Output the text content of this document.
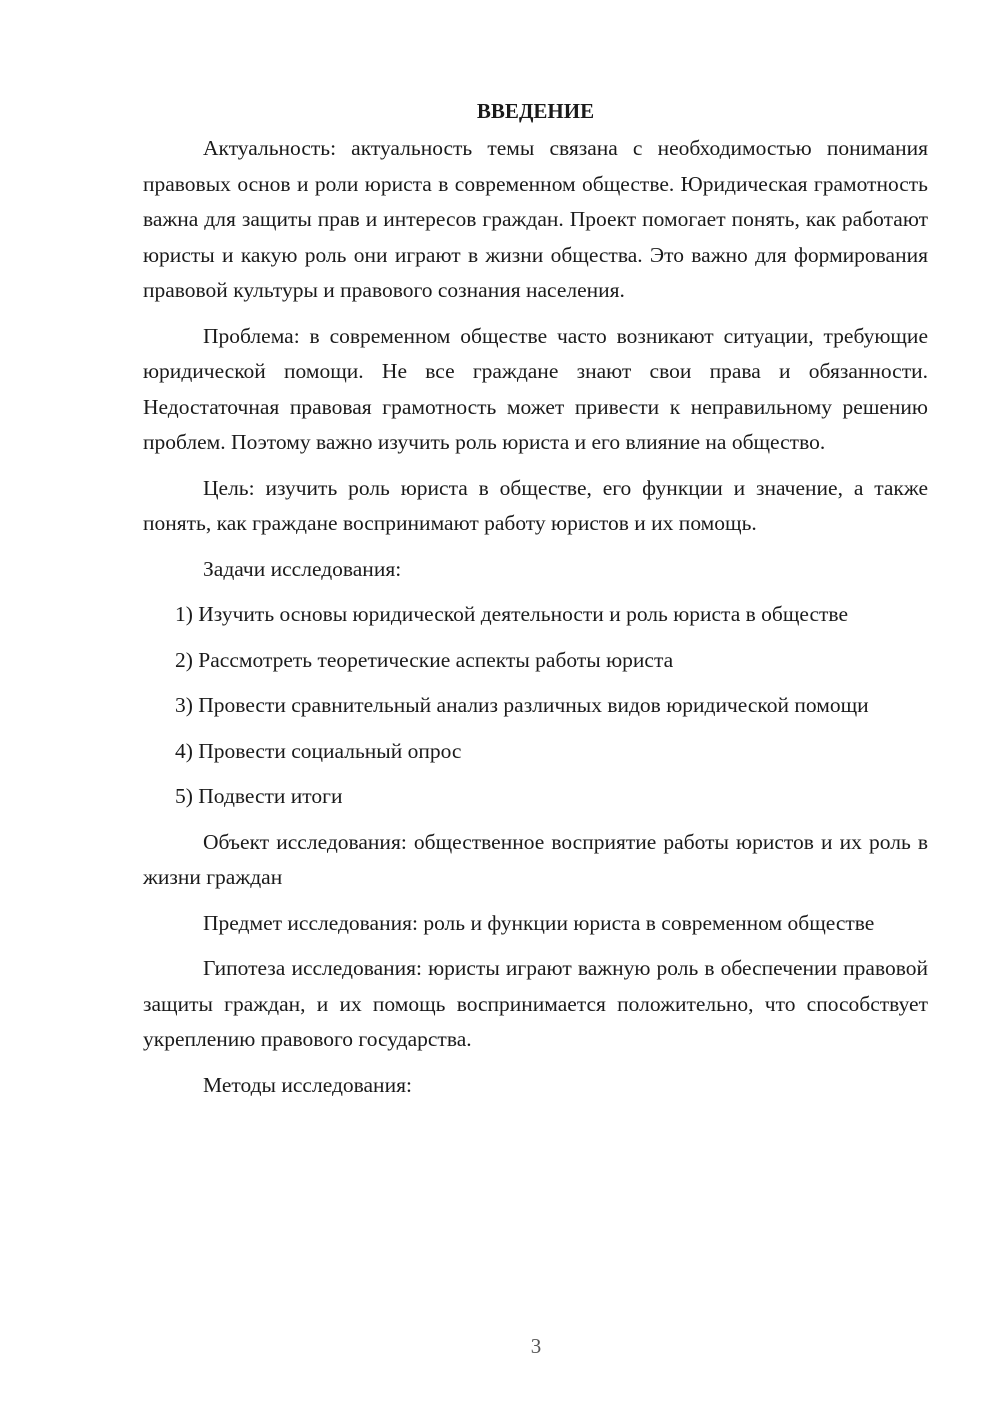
ВВЕДЕНИЕ

Актуальность: актуальность темы связана с необходимостью понимания правовых основ и роли юриста в современном обществе. Юридическая грамотность важна для защиты прав и интересов граждан. Проект помогает понять, как работают юристы и какую роль они играют в жизни общества. Это важно для формирования правовой культуры и правового сознания населения.

Проблема: в современном обществе часто возникают ситуации, требующие юридической помощи. Не все граждане знают свои права и обязанности. Недостаточная правовая грамотность может привести к неправильному решению проблем. Поэтому важно изучить роль юриста и его влияние на общество.

Цель: изучить роль юриста в обществе, его функции и значение, а также понять, как граждане воспринимают работу юристов и их помощь.

Задачи исследования:

1) Изучить основы юридической деятельности и роль юриста в обществе

2) Рассмотреть теоретические аспекты работы юриста

3) Провести сравнительный анализ различных видов юридической помощи

4) Провести социальный опрос

5) Подвести итоги

Объект исследования: общественное восприятие работы юристов и их роль в жизни граждан

Предмет исследования: роль и функции юриста в современном обществе

Гипотеза исследования: юристы играют важную роль в обеспечении правовой защиты граждан, и их помощь воспринимается положительно, что способствует укреплению правового государства.

Методы исследования:

3
